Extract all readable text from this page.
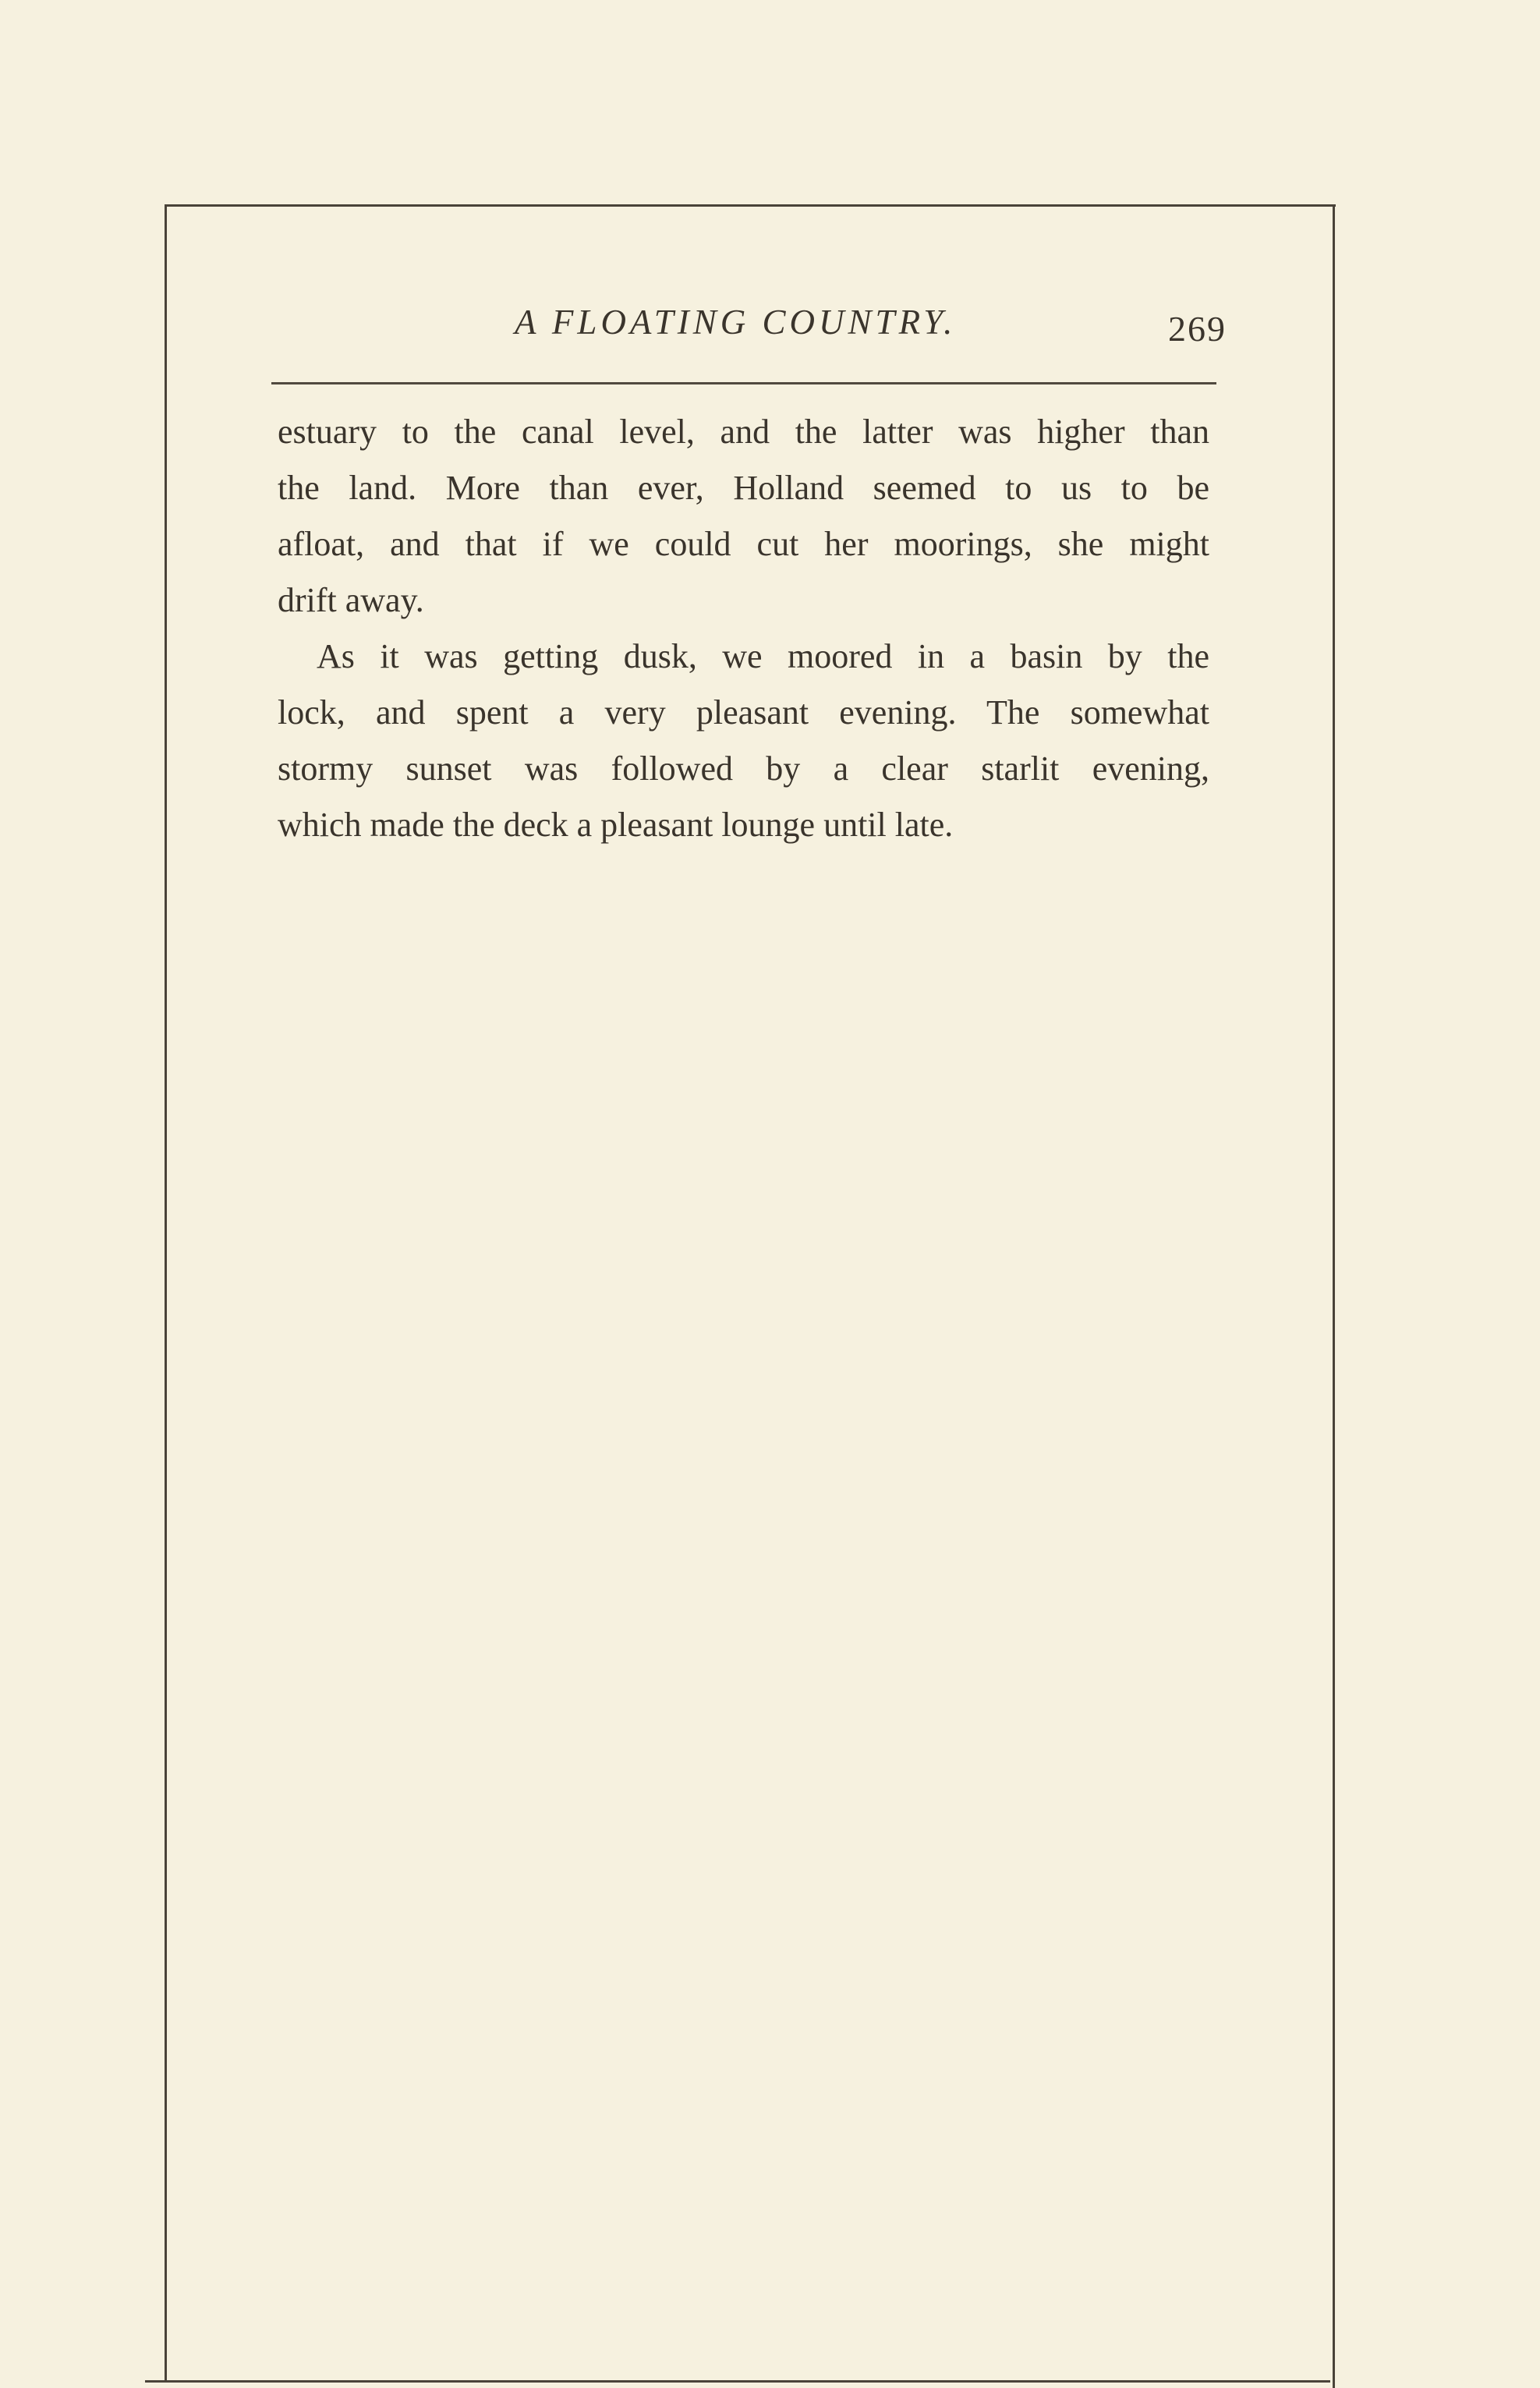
A FLOATING COUNTRY.	269
estuary to the canal level, and the latter was higher than
the land. More than ever, Holland seemed to us to be
afloat, and that if we could cut her moorings, she might
drift away.
As it was getting dusk, we moored in a basin by the
lock, and spent a very pleasant evening. The somewhat
stormy sunset was followed by a clear starlit evening,
which made the deck a pleasant lounge until late.
